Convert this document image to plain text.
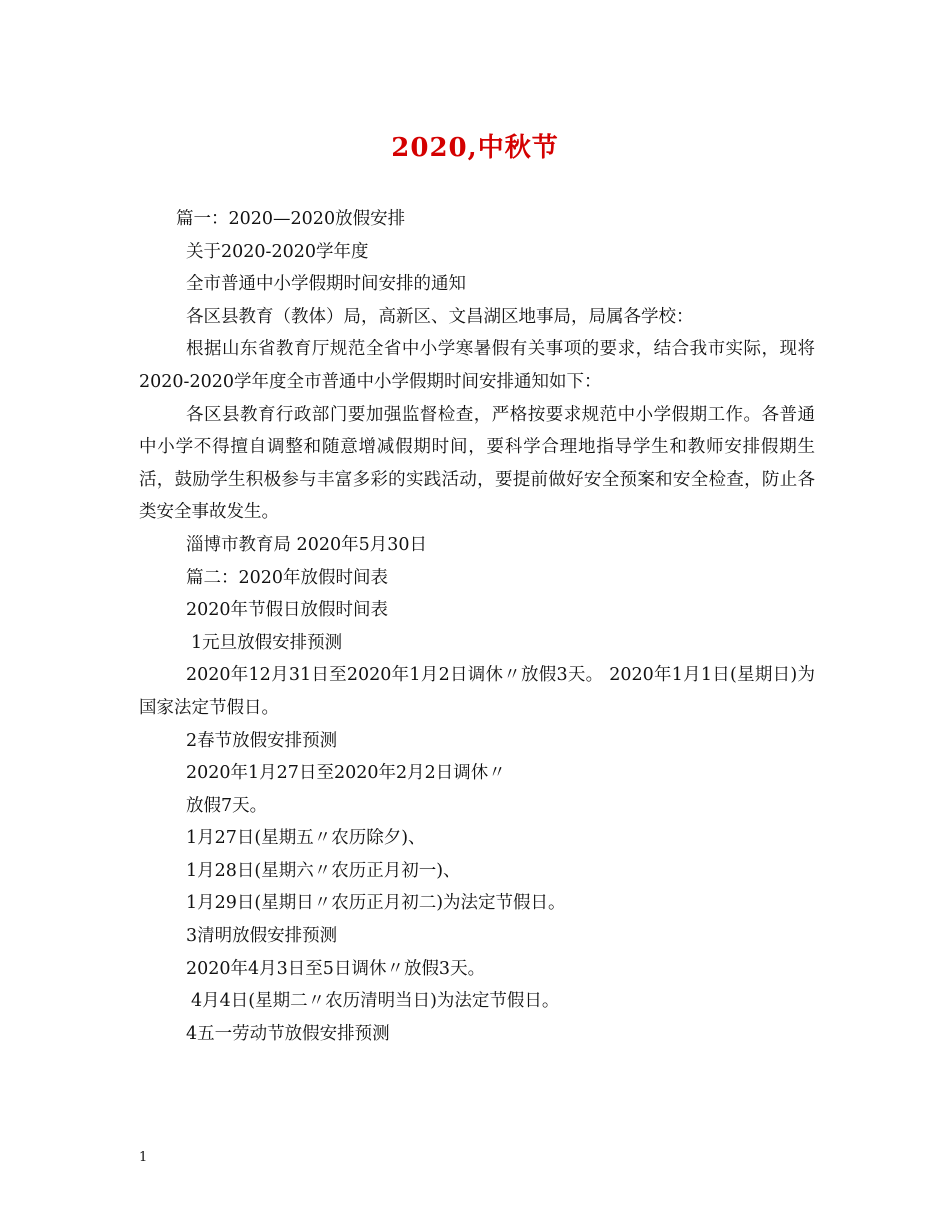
2020,中秋节

篇一：2020—2020放假安排

关于2020-2020学年度

全市普通中小学假期时间安排的通知

各区县教育（教体）局，高新区、文昌湖区地事局，局属各学校：

根据山东省教育厅规范全省中小学寒暑假有关事项的要求，结合我市实际，现将2020-2020学年度全市普通中小学假期时间安排通知如下：

各区县教育行政部门要加强监督检查，严格按要求规范中小学假期工作。各普通中小学不得擅自调整和随意增减假期时间，要科学合理地指导学生和教师安排假期生活，鼓励学生积极参与丰富多彩的实践活动，要提前做好安全预案和安全检查，防止各类安全事故发生。

淄博市教育局 2020年5月30日

篇二：2020年放假时间表

2020年节假日放假时间表

1元旦放假安排预测

2020年12月31日至2020年1月2日调休〃放假3天。 2020年1月1日(星期日)为国家法定节假日。

2春节放假安排预测

2020年1月27日至2020年2月2日调休〃

放假7天。

1月27日(星期五〃农历除夕)、

1月28日(星期六〃农历正月初一)、

1月29日(星期日〃农历正月初二)为法定节假日。

3清明放假安排预测

2020年4月3日至5日调休〃放假3天。

4月4日(星期二〃农历清明当日)为法定节假日。

4五一劳动节放假安排预测

1
